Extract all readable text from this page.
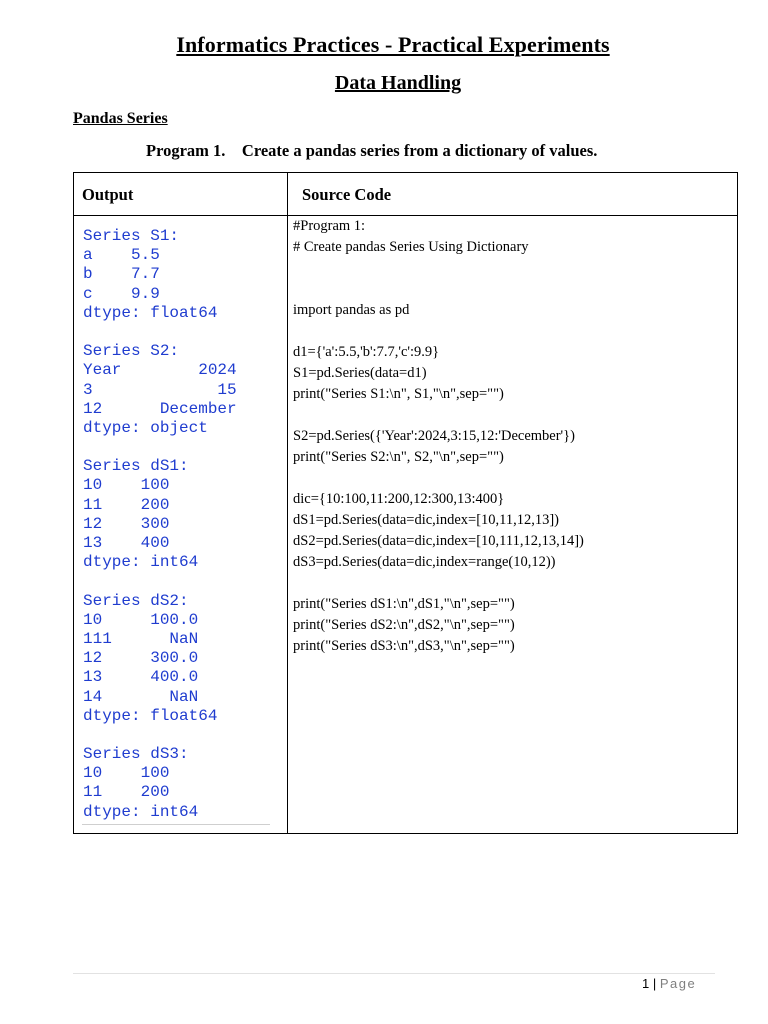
Informatics Practices - Practical Experiments
Data Handling
Pandas Series
Program 1.    Create a pandas series from a dictionary of values.
Output	Source Code
Series S1:
a    5.5
b    7.7
c    9.9
dtype: float64
Series S2:
Year        2024
3             15
12      December
dtype: object
Series dS1:
10    100
11    200
12    300
13    400
dtype: int64
Series dS2:
10     100.0
111      NaN
12     300.0
13     400.0
14       NaN
dtype: float64
Series dS3:
10    100
11    200
dtype: int64
#Program 1:
# Create pandas Series Using Dictionary
import pandas as pd
d1={'a':5.5,'b':7.7,'c':9.9}
S1=pd.Series(data=d1)
print("Series S1:\n", S1,"\n",sep="")
S2=pd.Series({'Year':2024,3:15,12:'December'})
print("Series S2:\n", S2,"\n",sep="")
dic={10:100,11:200,12:300,13:400}
dS1=pd.Series(data=dic,index=[10,11,12,13])
dS2=pd.Series(data=dic,index=[10,111,12,13,14])
dS3=pd.Series(data=dic,index=range(10,12))
print("Series dS1:\n",dS1,"\n",sep="")
print("Series dS2:\n",dS2,"\n",sep="")
print("Series dS3:\n",dS3,"\n",sep="")
1 | Page
